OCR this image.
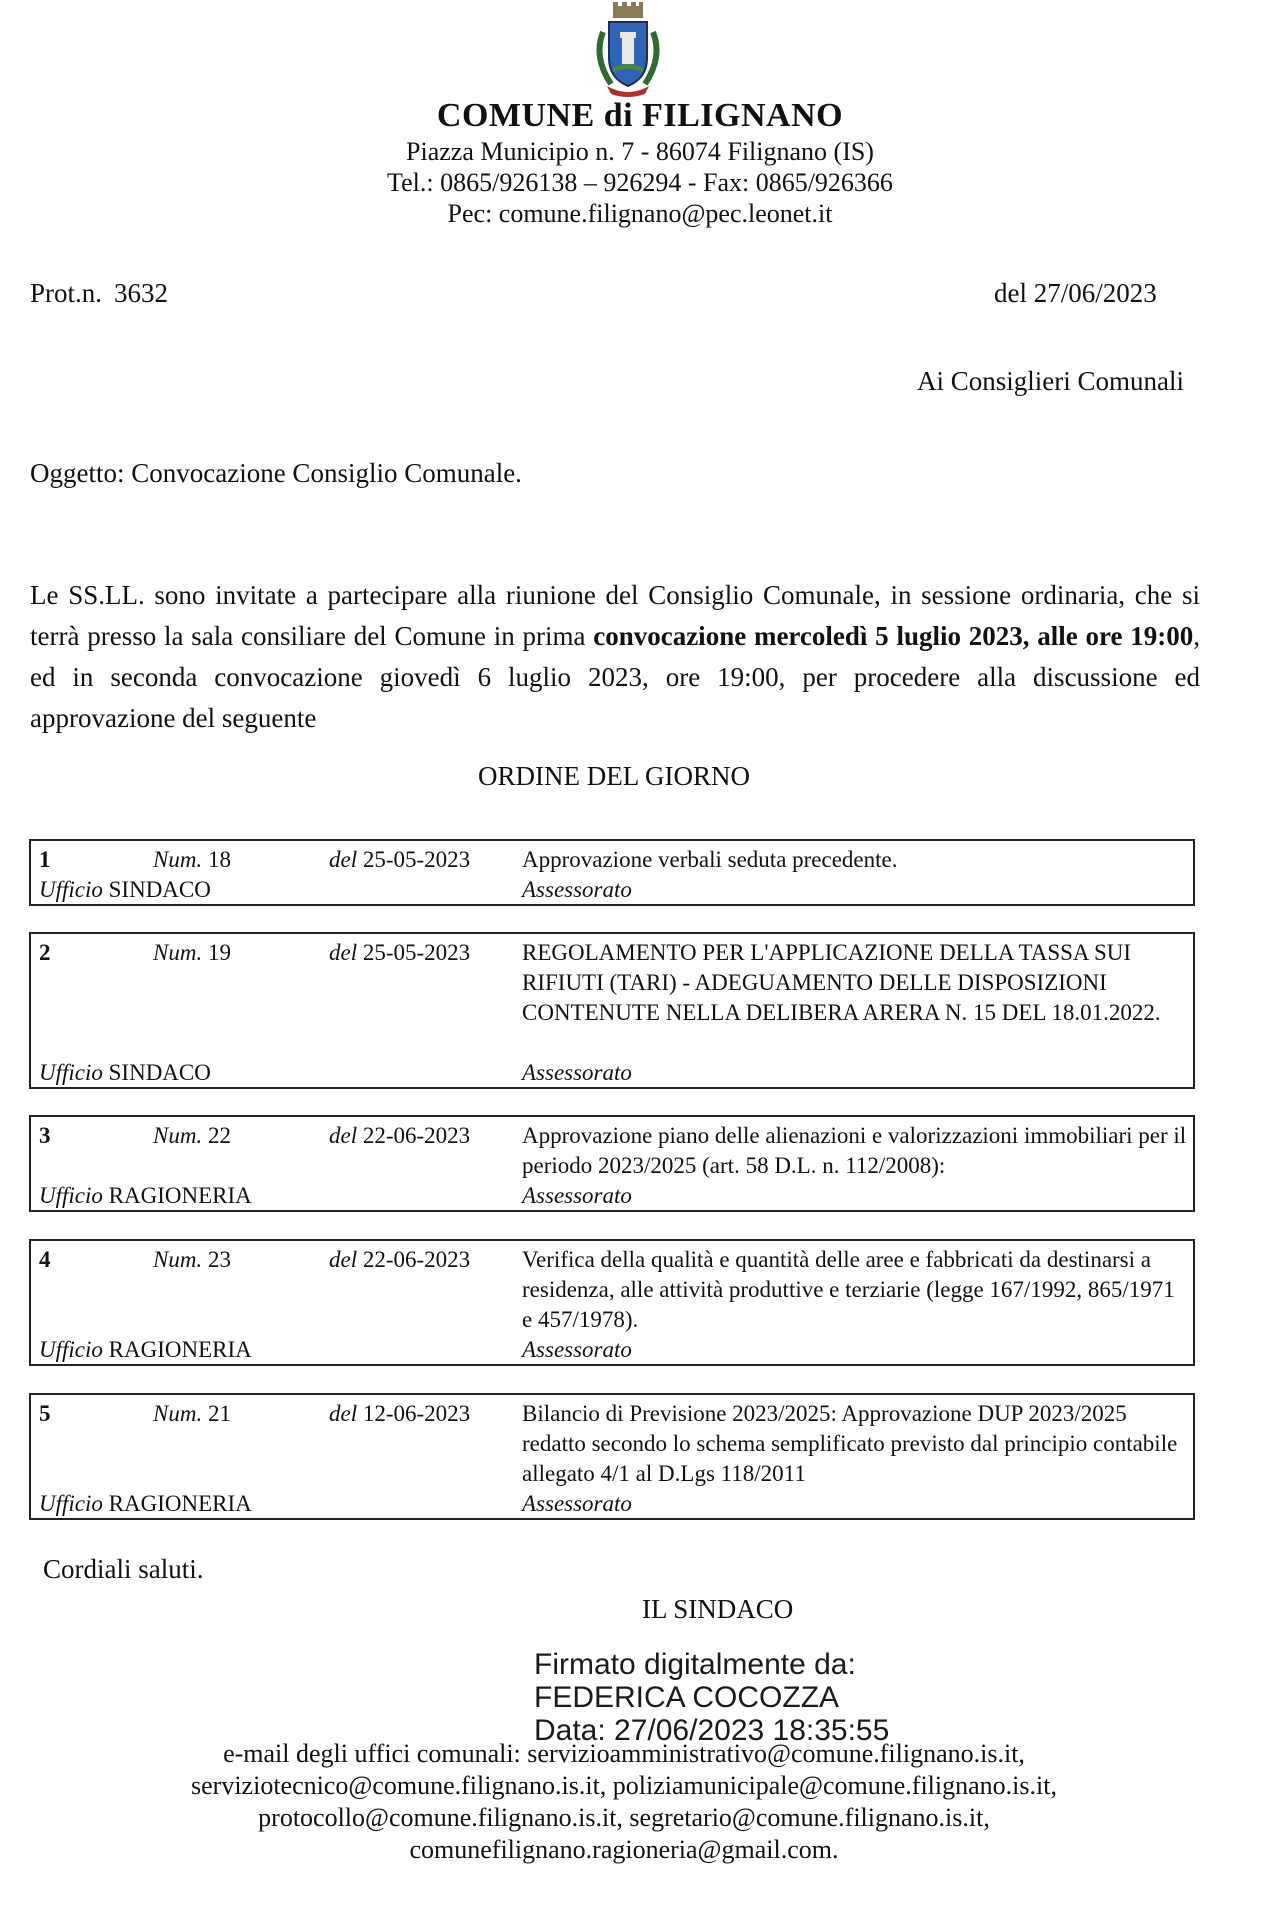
COMUNE di FILIGNANO
Piazza Municipio n. 7 - 86074 Filignano (IS)
Tel.: 0865/926138 – 926294 - Fax: 0865/926366
Pec: comune.filignano@pec.leonet.it
Prot.n. 3632	del 27/06/2023
Ai Consiglieri Comunali
Oggetto: Convocazione Consiglio Comunale.
Le SS.LL. sono invitate a partecipare alla riunione del Consiglio Comunale, in sessione ordinaria, che si terrà presso la sala consiliare del Comune in prima convocazione mercoledì 5 luglio 2023, alle ore 19:00, ed in seconda convocazione giovedì 6 luglio 2023, ore 19:00, per procedere alla discussione ed approvazione del seguente
ORDINE DEL GIORNO
1	Num. 18	del 25-05-2023 Approvazione verbali seduta precedente.
Ufficio SINDACO	Assessorato
2	Num. 19	del 25-05-2023 REGOLAMENTO PER L'APPLICAZIONE DELLA TASSA SUI RIFIUTI (TARI) - ADEGUAMENTO DELLE DISPOSIZIONI CONTENUTE NELLA DELIBERA ARERA N. 15 DEL 18.01.2022.
Ufficio SINDACO	Assessorato
3	Num. 22	del 22-06-2023 Approvazione piano delle alienazioni e valorizzazioni immobiliari per il periodo 2023/2025 (art. 58 D.L. n. 112/2008):
Ufficio RAGIONERIA	Assessorato
4	Num. 23	del 22-06-2023 Verifica della qualità e quantità delle aree e fabbricati da destinarsi a residenza, alle attività produttive e terziarie (legge 167/1992, 865/1971 e 457/1978).
Ufficio RAGIONERIA	Assessorato
5	Num. 21	del 12-06-2023 Bilancio di Previsione 2023/2025: Approvazione DUP 2023/2025 redatto secondo lo schema semplificato previsto dal principio contabile allegato 4/1 al D.Lgs 118/2011
Ufficio RAGIONERIA	Assessorato
Cordiali saluti.
IL SINDACO
Firmato digitalmente da:
FEDERICA COCOZZA
Data: 27/06/2023 18:35:55
e-mail degli uffici comunali: servizioamministrativo@comune.filignano.is.it,
serviziotecnico@comune.filignano.is.it, poliziamunicipale@comune.filignano.is.it,
protocollo@comune.filignano.is.it, segretario@comune.filignano.is.it,
comunefilignano.ragioneria@gmail.com.
